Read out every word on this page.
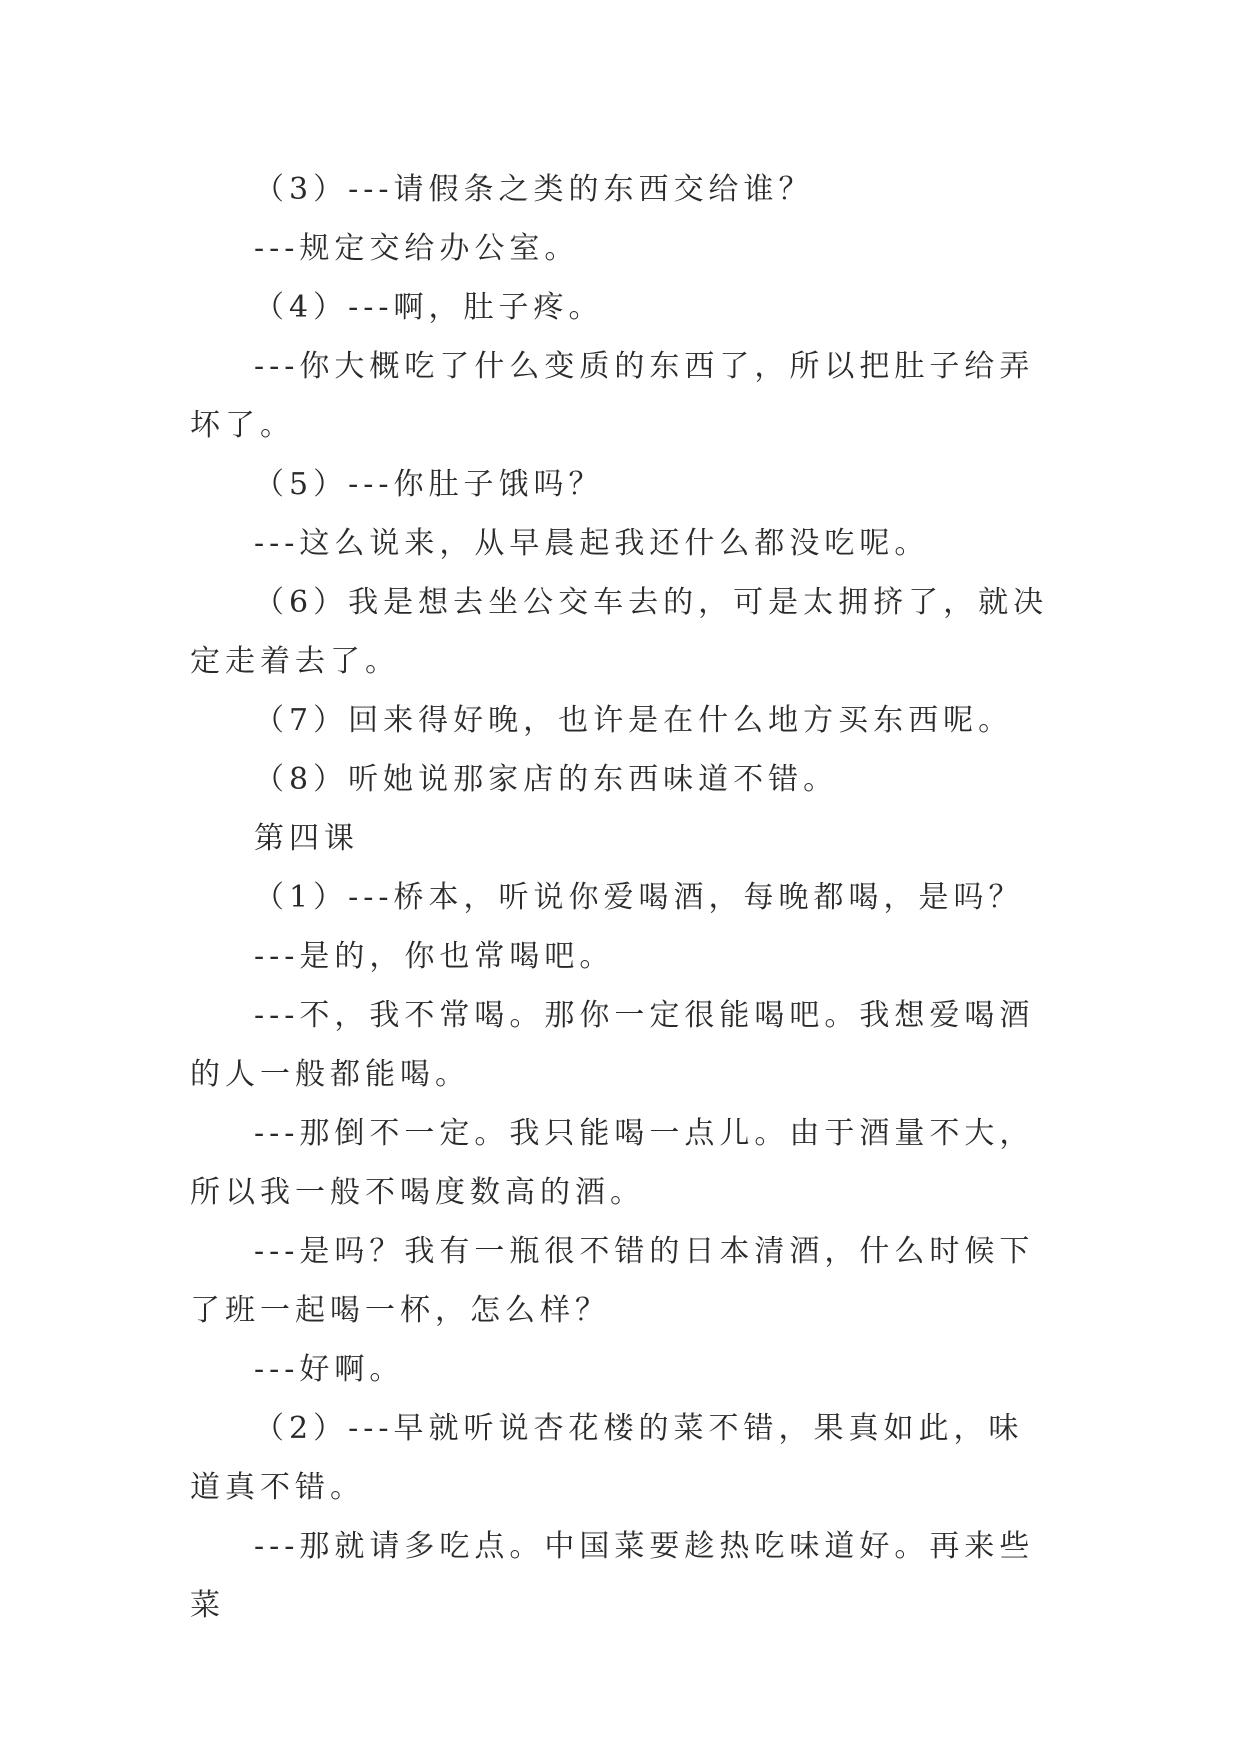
（3）---请假条之类的东西交给谁？

---规定交给办公室。

（4）---啊，肚子疼。

---你大概吃了什么变质的东西了，所以把肚子给弄坏了。

（5）---你肚子饿吗？

---这么说来，从早晨起我还什么都没吃呢。

（6）我是想去坐公交车去的，可是太拥挤了，就决定走着去了。

（7）回来得好晚，也许是在什么地方买东西呢。

（8）听她说那家店的东西味道不错。

第四课

（1）---桥本，听说你爱喝酒，每晚都喝，是吗？

---是的，你也常喝吧。

---不，我不常喝。那你一定很能喝吧。我想爱喝酒的人一般都能喝。

---那倒不一定。我只能喝一点儿。由于酒量不大，所以我一般不喝度数高的酒。

---是吗？我有一瓶很不错的日本清酒，什么时候下了班一起喝一杯，怎么样？

---好啊。

（2）---早就听说杏花楼的菜不错，果真如此，味道真不错。

---那就请多吃点。中国菜要趁热吃味道好。再来些菜
